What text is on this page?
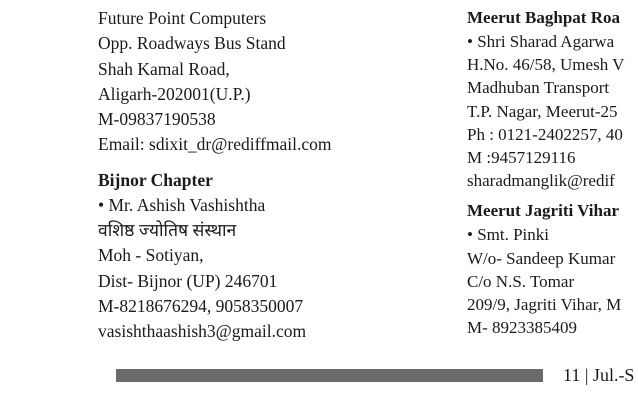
Future Point Computers
Opp. Roadways Bus Stand
Shah Kamal Road,
Aligarh-202001(U.P.)
M-09837190538
Email: sdixit_dr@rediffmail.com
Bijnor Chapter
• Mr. Ashish Vashishtha
वशिष्ठ ज्योतिष संस्थान
Moh - Sotiyan,
Dist- Bijnor (UP) 246701
M-8218676294, 9058350007
vasishthaashish3@gmail.com
Meerut Baghpat Roa
• Shri Sharad Agarwa
H.No. 46/58, Umesh V
Madhuban Transport
T.P. Nagar, Meerut-25
Ph : 0121-2402257, 40
M :9457129116
sharadmanglik@redif
Meerut Jagriti Vihar
• Smt. Pinki
W/o- Sandeep Kumar
C/o N.S. Tomar
209/9, Jagriti Vihar, M
M- 8923385409
11 | Jul.-S
